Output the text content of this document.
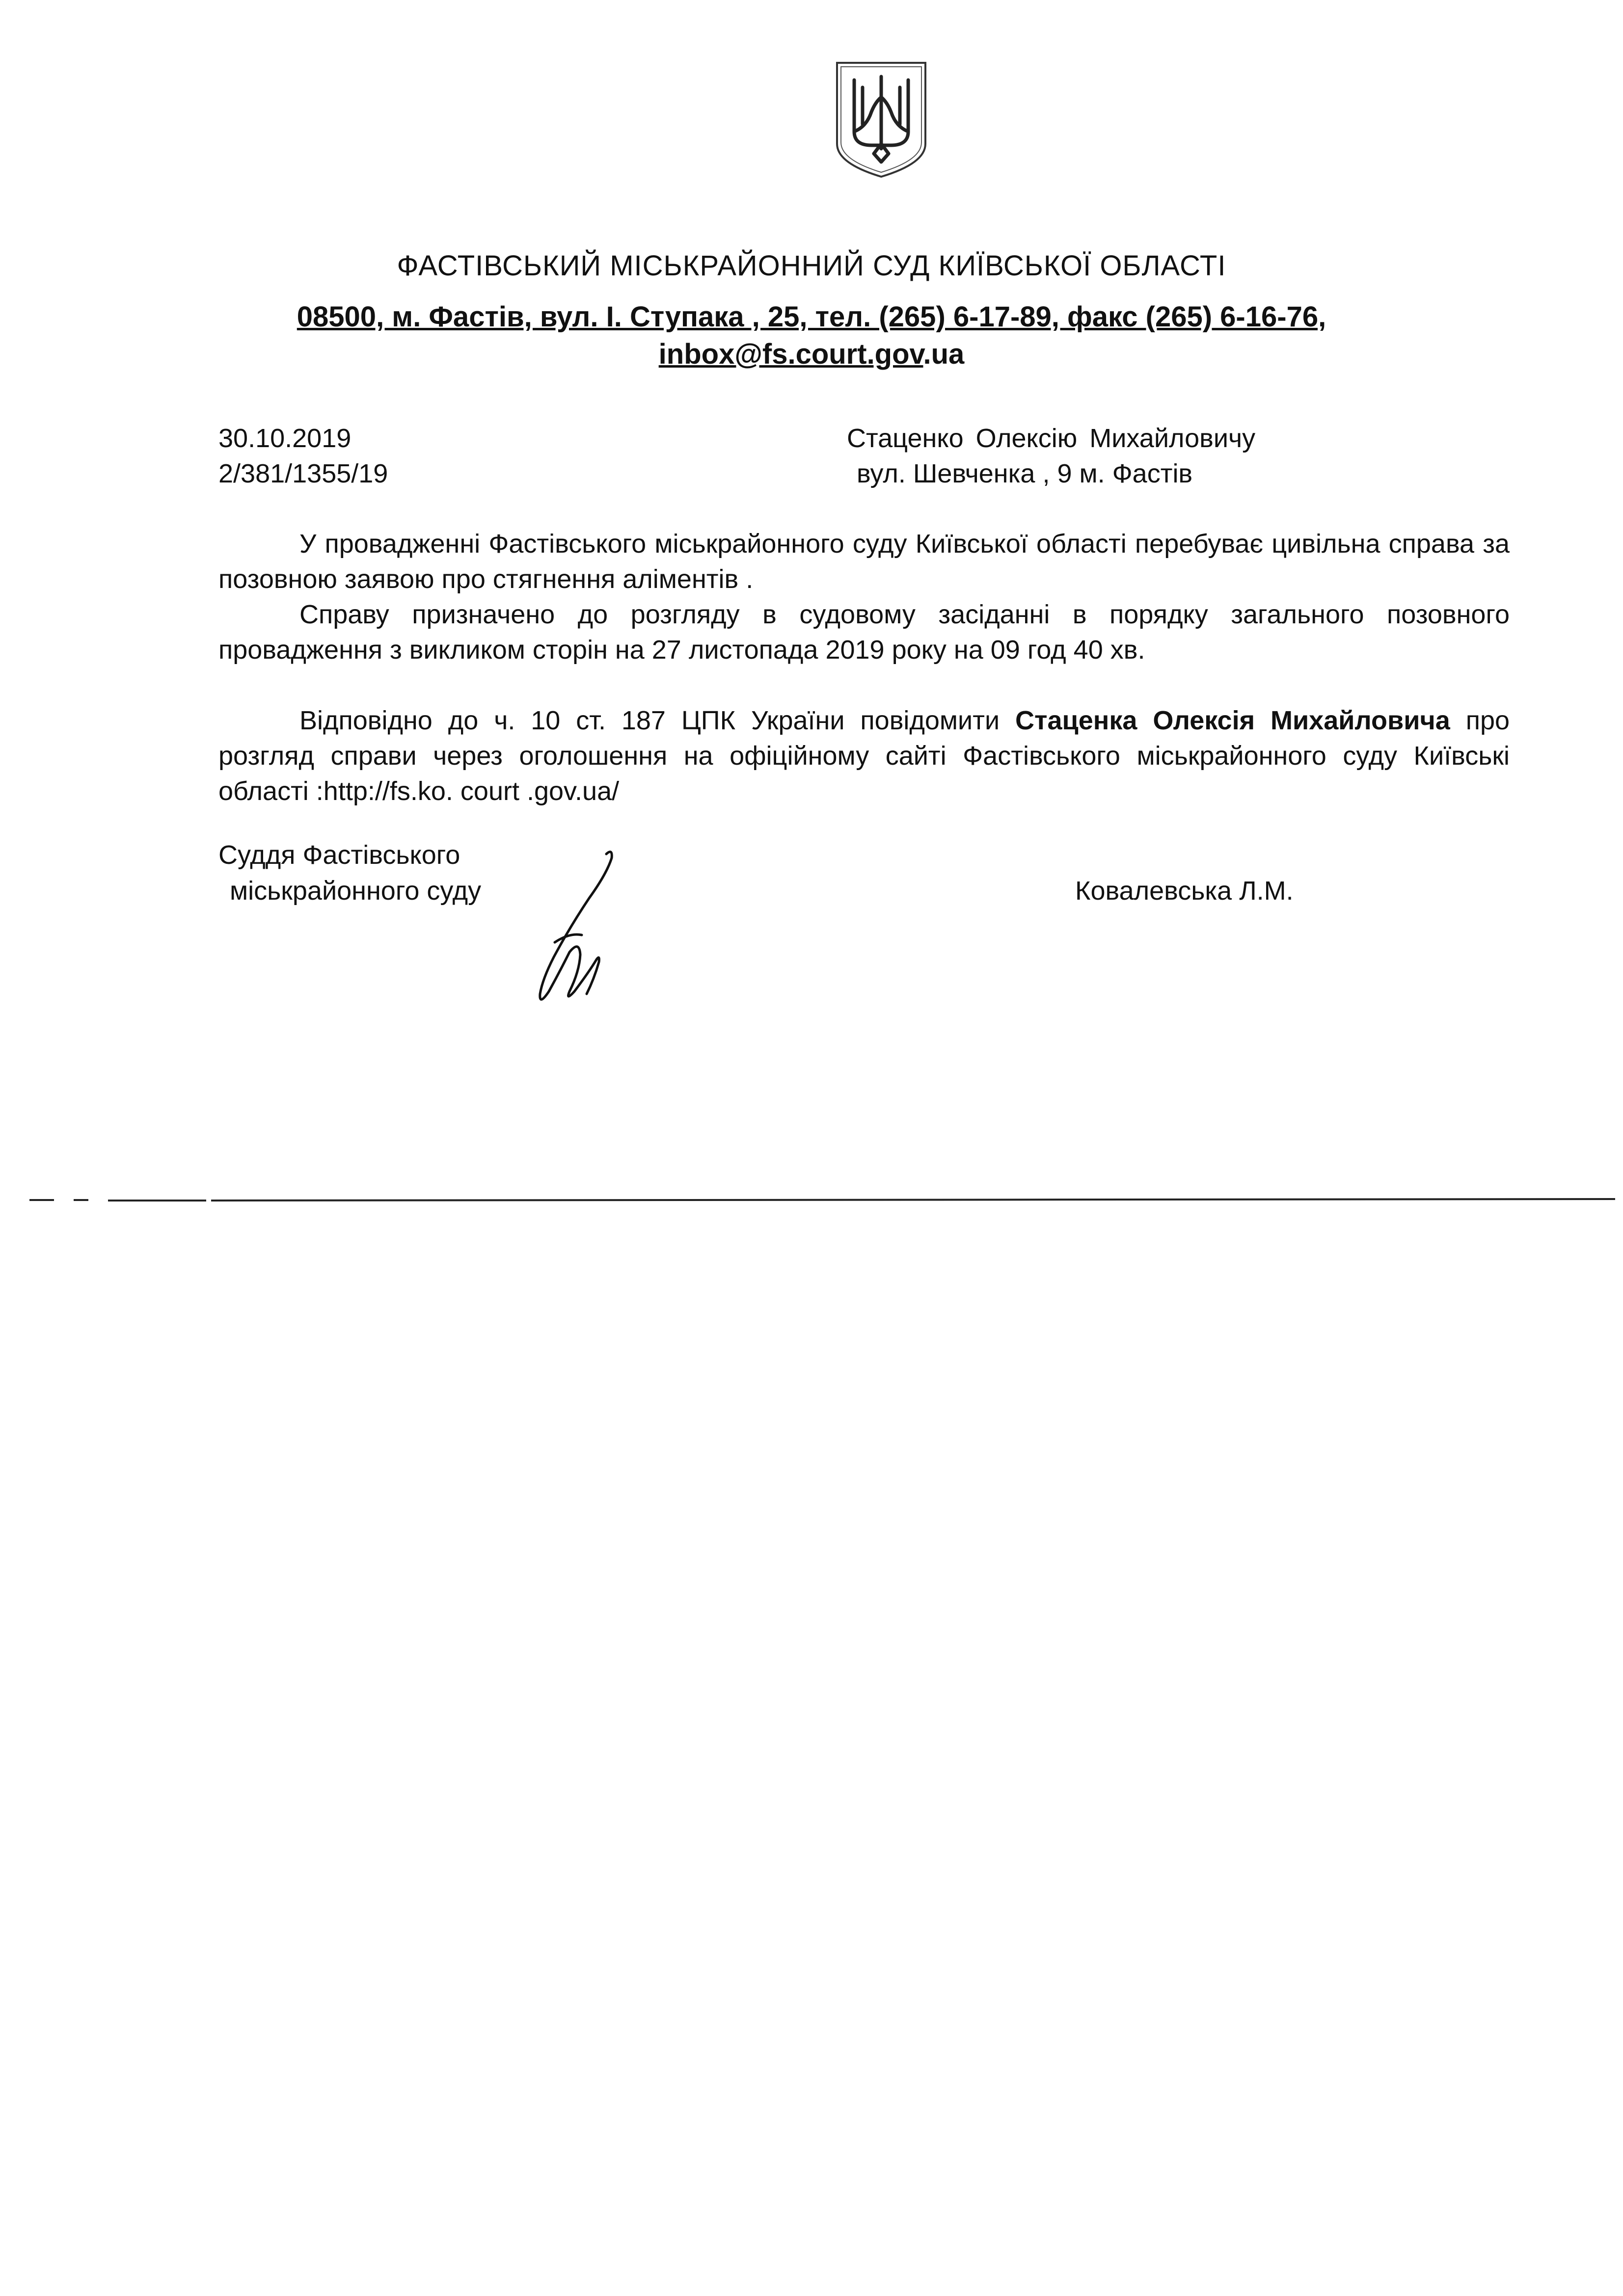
ФАСТІВСЬКИЙ МІСЬКРАЙОННИЙ СУД КИЇВСЬКОЇ ОБЛАСТІ
08500, м. Фастів, вул. І. Ступака , 25, тел. (265) 6-17-89, факс (265) 6-16-76,
inbox@fs.court.gov.ua
30.10.2019
2/381/1355/19
Стаценко Олексію Михайловичу
вул. Шевченка , 9 м. Фастів
У провадженні Фастівського міськрайонного суду Київської області перебуває цивільна справа за позовною заявою про стягнення аліментів .
Справу призначено до розгляду в судовому засіданні в порядку загального позовного провадження з викликом сторін на 27 листопада 2019 року на 09 год 40 хв.
Відповідно до ч. 10 ст. 187 ЦПК України повідомити Стаценка Олексія Михайловича про розгляд справи через оголошення на офіційному сайті Фастівського міськрайонного суду Київські області :http://fs.ko. court .gov.ua/
Суддя Фастівського
міськрайонного суду	Ковалевська Л.М.
